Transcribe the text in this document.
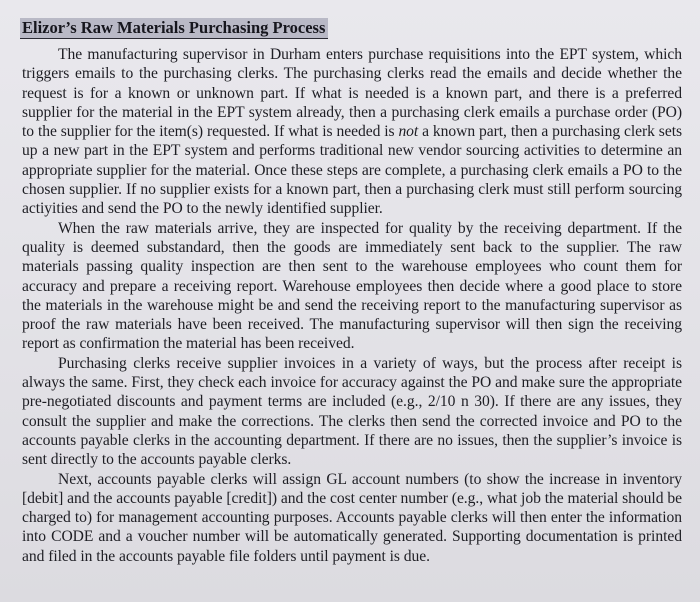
Elizor’s Raw Materials Purchasing Process

The manufacturing supervisor in Durham enters purchase requisitions into the EPT system, which triggers emails to the purchasing clerks. The purchasing clerks read the emails and decide whether the request is for a known or unknown part. If what is needed is a known part, and there is a preferred supplier for the material in the EPT system already, then a purchasing clerk emails a purchase order (PO) to the supplier for the item(s) requested. If what is needed is not a known part, then a purchasing clerk sets up a new part in the EPT system and performs traditional new vendor sourcing activities to determine an appropriate supplier for the material. Once these steps are complete, a purchasing clerk emails a PO to the chosen supplier. If no supplier exists for a known part, then a purchasing clerk must still perform sourcing actiyities and send the PO to the newly identified supplier.

When the raw materials arrive, they are inspected for quality by the receiving department. If the quality is deemed substandard, then the goods are immediately sent back to the supplier. The raw materials passing quality inspection are then sent to the warehouse employees who count them for accuracy and prepare a receiving report. Warehouse employees then decide where a good place to store the materials in the warehouse might be and send the receiving report to the manufacturing supervisor as proof the raw materials have been received. The manufacturing supervisor will then sign the receiving report as confirmation the material has been received.

Purchasing clerks receive supplier invoices in a variety of ways, but the process after receipt is always the same. First, they check each invoice for accuracy against the PO and make sure the appropriate pre-negotiated discounts and payment terms are included (e.g., 2/10 n 30). If there are any issues, they consult the supplier and make the corrections. The clerks then send the corrected invoice and PO to the accounts payable clerks in the accounting department. If there are no issues, then the supplier’s invoice is sent directly to the accounts payable clerks.

Next, accounts payable clerks will assign GL account numbers (to show the increase in inventory [debit] and the accounts payable [credit]) and the cost center number (e.g., what job the material should be charged to) for management accounting purposes. Accounts payable clerks will then enter the information into CODE and a voucher number will be automatically generated. Supporting documentation is printed and filed in the accounts payable file folders until payment is due.
